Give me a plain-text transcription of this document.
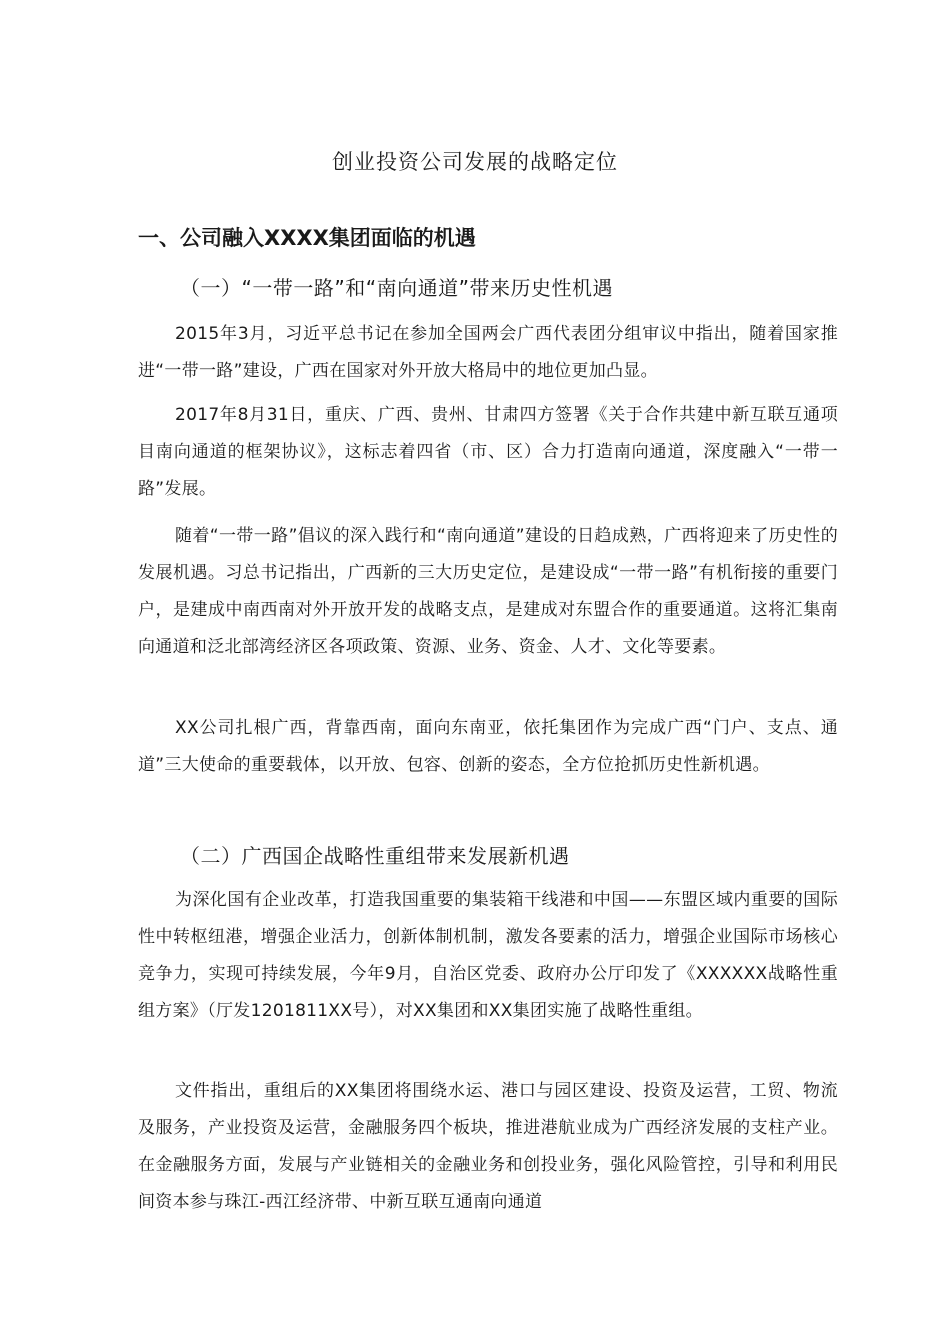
创业投资公司发展的战略定位
一、公司融入XXXX集团面临的机遇
（一）“一带一路”和“南向通道”带来历史性机遇

2015年3月，习近平总书记在参加全国两会广西代表团分组审议中指出，随着国家推进“一带一路”建设，广西在国家对外开放大格局中的地位更加凸显。

2017年8月31日，重庆、广西、贵州、甘肃四方签署《关于合作共建中新互联互通项目南向通道的框架协议》，这标志着四省（市、区）合力打造南向通道，深度融入“一带一路”发展。

随着“一带一路”倡议的深入践行和“南向通道”建设的日趋成熟，广西将迎来了历史性的发展机遇。习总书记指出，广西新的三大历史定位，是建设成“一带一路”有机衔接的重要门户，是建成中南西南对外开放开发的战略支点，是建成对东盟合作的重要通道。这将汇集南向通道和泛北部湾经济区各项政策、资源、业务、资金、人才、文化等要素。

XX公司扎根广西，背靠西南，面向东南亚，依托集团作为完成广西“门户、支点、通道”三大使命的重要载体，以开放、包容、创新的姿态，全方位抢抓历史性新机遇。

（二）广西国企战略性重组带来发展新机遇

为深化国有企业改革，打造我国重要的集装箱干线港和中国——东盟区域内重要的国际性中转枢纽港，增强企业活力，创新体制机制，激发各要素的活力，增强企业国际市场核心竞争力，实现可持续发展，今年9月，自治区党委、政府办公厅印发了《XXXXXX战略性重组方案》（厅发1201811XX号），对XX集团和XX集团实施了战略性重组。

文件指出，重组后的XX集团将围绕水运、港口与园区建设、投资及运营，工贸、物流及服务，产业投资及运营，金融服务四个板块，推进港航业成为广西经济发展的支柱产业。在金融服务方面，发展与产业链相关的金融业务和创投业务，强化风险管控，引导和利用民间资本参与珠江-西江经济带、中新互联互通南向通道
